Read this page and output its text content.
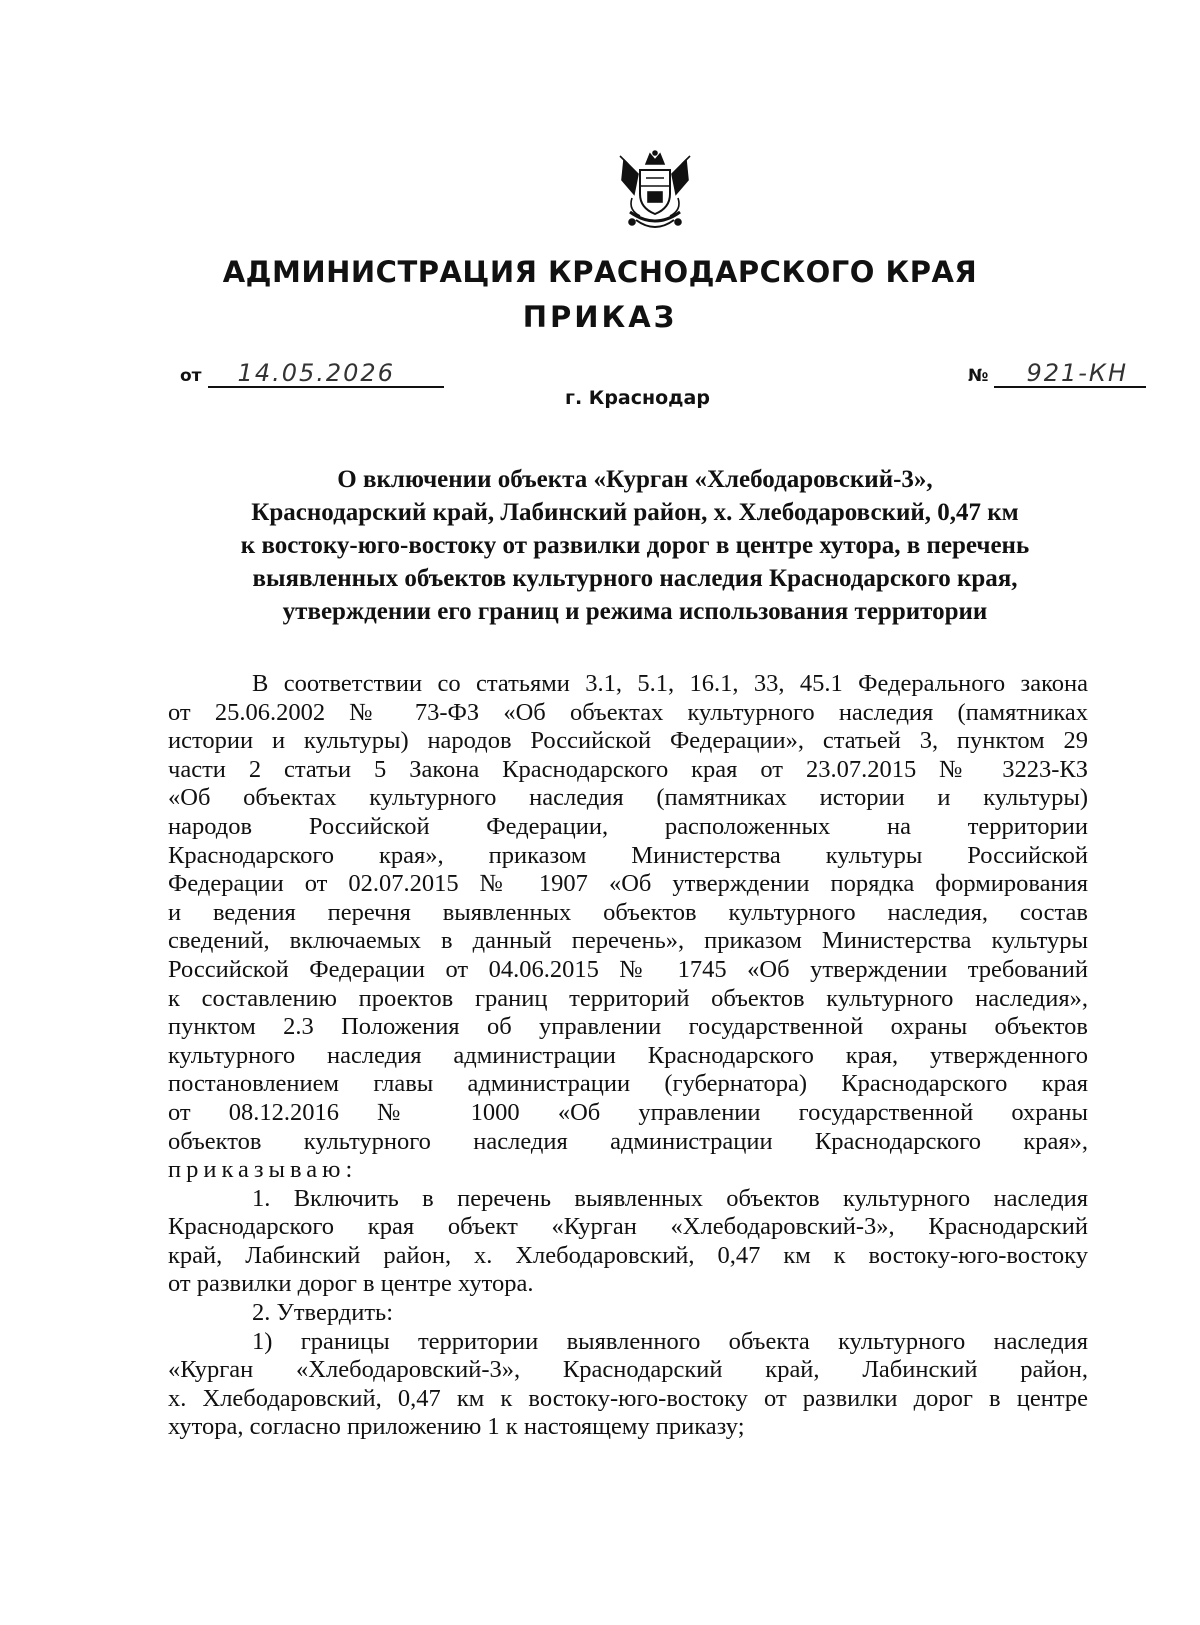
АДМИНИСТРАЦИЯ КРАСНОДАРСКОГО КРАЯ
ПРИКАЗ
от 14.05.2026	№ 921-КН
г. Краснодар
О включении объекта «Курган «Хлебодаровский-3»,
Краснодарский край, Лабинский район, х. Хлебодаровский, 0,47 км
к востоку-юго-востоку от развилки дорог в центре хутора, в перечень
выявленных объектов культурного наследия Краснодарского края,
утверждении его границ и режима использования территории
В соответствии со статьями 3.1, 5.1, 16.1, 33, 45.1 Федерального закона
от 25.06.2002 № 73-ФЗ «Об объектах культурного наследия (памятниках
истории и культуры) народов Российской Федерации», статьей 3, пунктом 29
части 2 статьи 5 Закона Краснодарского края от 23.07.2015 № 3223-КЗ
«Об объектах культурного наследия (памятниках истории и культуры)
народов Российской Федерации, расположенных на территории
Краснодарского края», приказом Министерства культуры Российской
Федерации от 02.07.2015 № 1907 «Об утверждении порядка формирования
и ведения перечня выявленных объектов культурного наследия, состав
сведений, включаемых в данный перечень», приказом Министерства культуры
Российской Федерации от 04.06.2015 № 1745 «Об утверждении требований
к составлению проектов границ территорий объектов культурного наследия»,
пунктом 2.3 Положения об управлении государственной охраны объектов
культурного наследия администрации Краснодарского края, утвержденного
постановлением главы администрации (губернатора) Краснодарского края
от 08.12.2016 № 1000 «Об управлении государственной охраны
объектов культурного наследия администрации Краснодарского края»,
приказываю:
1. Включить в перечень выявленных объектов культурного наследия
Краснодарского края объект «Курган «Хлебодаровский-3», Краснодарский
край, Лабинский район, х. Хлебодаровский, 0,47 км к востоку-юго-востоку
от развилки дорог в центре хутора.
2. Утвердить:
1) границы территории выявленного объекта культурного наследия
«Курган «Хлебодаровский-3», Краснодарский край, Лабинский район,
х. Хлебодаровский, 0,47 км к востоку-юго-востоку от развилки дорог в центре
хутора, согласно приложению 1 к настоящему приказу;
